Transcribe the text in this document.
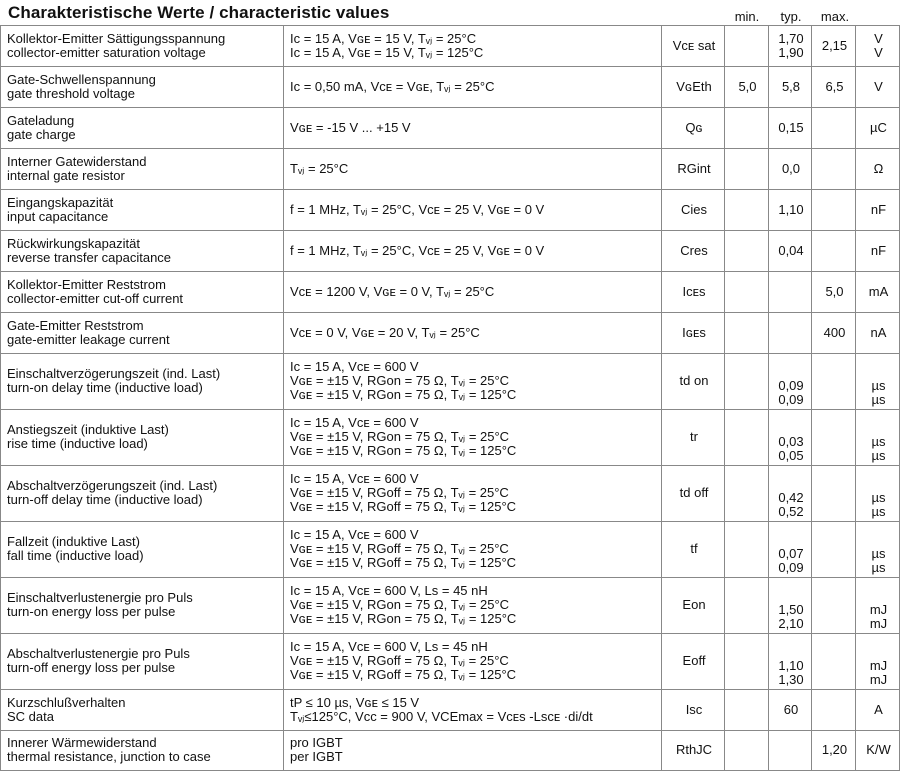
Charakteristische Werte / characteristic values	min.	typ.	max.
Kollektor-Emitter Sättigungsspannung
collector-emitter saturation voltage	Iᴄ = 15 A, Vɢᴇ = 15 V, Tᵥⱼ = 25°C
Iᴄ = 15 A, Vɢᴇ = 15 V, Tᵥⱼ = 125°C	Vᴄᴇ sat		1,70
1,90	2,15	V
V

Gate-Schwellenspannung
gate threshold voltage	Iᴄ = 0,50 mA, Vᴄᴇ = Vɢᴇ, Tᵥⱼ = 25°C	VɢEth	5,0	5,8	6,5	V

Gateladung
gate charge	Vɢᴇ = -15 V ... +15 V	Qɢ		0,15		µC

Interner Gatewiderstand
internal gate resistor	Tᵥⱼ = 25°C	RGint		0,0		Ω

Eingangskapazität
input capacitance	f = 1 MHz, Tᵥⱼ = 25°C, Vᴄᴇ = 25 V, Vɢᴇ = 0 V	Cies		1,10		nF

Rückwirkungskapazität
reverse transfer capacitance	f = 1 MHz, Tᵥⱼ = 25°C, Vᴄᴇ = 25 V, Vɢᴇ = 0 V	Cres		0,04		nF

Kollektor-Emitter Reststrom
collector-emitter cut-off current	Vᴄᴇ = 1200 V, Vɢᴇ = 0 V, Tᵥⱼ = 25°C	Iᴄᴇs			5,0	mA

Gate-Emitter Reststrom
gate-emitter leakage current	Vᴄᴇ = 0 V, Vɢᴇ = 20 V, Tᵥⱼ = 25°C	Iɢᴇs			400	nA

Einschaltverzögerungszeit (ind. Last)
turn-on delay time (inductive load)	Iᴄ = 15 A, Vᴄᴇ = 600 V
Vɢᴇ = ±15 V, RGon = 75 Ω, Tᵥⱼ = 25°C
Vɢᴇ = ±15 V, RGon = 75 Ω, Tᵥⱼ = 125°C	td on		0,09
0,09		µs
µs

Anstiegszeit (induktive Last)
rise time (inductive load)	Iᴄ = 15 A, Vᴄᴇ = 600 V
Vɢᴇ = ±15 V, RGon = 75 Ω, Tᵥⱼ = 25°C
Vɢᴇ = ±15 V, RGon = 75 Ω, Tᵥⱼ = 125°C	tr		0,03
0,05		µs
µs

Abschaltverzögerungszeit (ind. Last)
turn-off delay time (inductive load)	Iᴄ = 15 A, Vᴄᴇ = 600 V
Vɢᴇ = ±15 V, RGoff = 75 Ω, Tᵥⱼ = 25°C
Vɢᴇ = ±15 V, RGoff = 75 Ω, Tᵥⱼ = 125°C	td off		0,42
0,52		µs
µs

Fallzeit (induktive Last)
fall time (inductive load)	Iᴄ = 15 A, Vᴄᴇ = 600 V
Vɢᴇ = ±15 V, RGoff = 75 Ω, Tᵥⱼ = 25°C
Vɢᴇ = ±15 V, RGoff = 75 Ω, Tᵥⱼ = 125°C	tf		0,07
0,09		µs
µs

Einschaltverlustenergie pro Puls
turn-on energy loss per pulse	Iᴄ = 15 A, Vᴄᴇ = 600 V, Ls = 45 nH
Vɢᴇ = ±15 V, RGon = 75 Ω, Tᵥⱼ = 25°C
Vɢᴇ = ±15 V, RGon = 75 Ω, Tᵥⱼ = 125°C	Eon		1,50
2,10		mJ
mJ

Abschaltverlustenergie pro Puls
turn-off energy loss per pulse	Iᴄ = 15 A, Vᴄᴇ = 600 V, Ls = 45 nH
Vɢᴇ = ±15 V, RGoff = 75 Ω, Tᵥⱼ = 25°C
Vɢᴇ = ±15 V, RGoff = 75 Ω, Tᵥⱼ = 125°C	Eoff		1,10
1,30		mJ
mJ

Kurzschlußverhalten
SC data	tP ≤ 10 µs, Vɢᴇ ≤ 15 V
Tᵥⱼ≤125°C, Vᴄᴄ = 900 V, VCEmax = Vᴄᴇs -Lsᴄᴇ ·di/dt	Isc		60		A

Innerer Wärmewiderstand
thermal resistance, junction to case	pro IGBT
per IGBT	RthJC			1,20	K/W
